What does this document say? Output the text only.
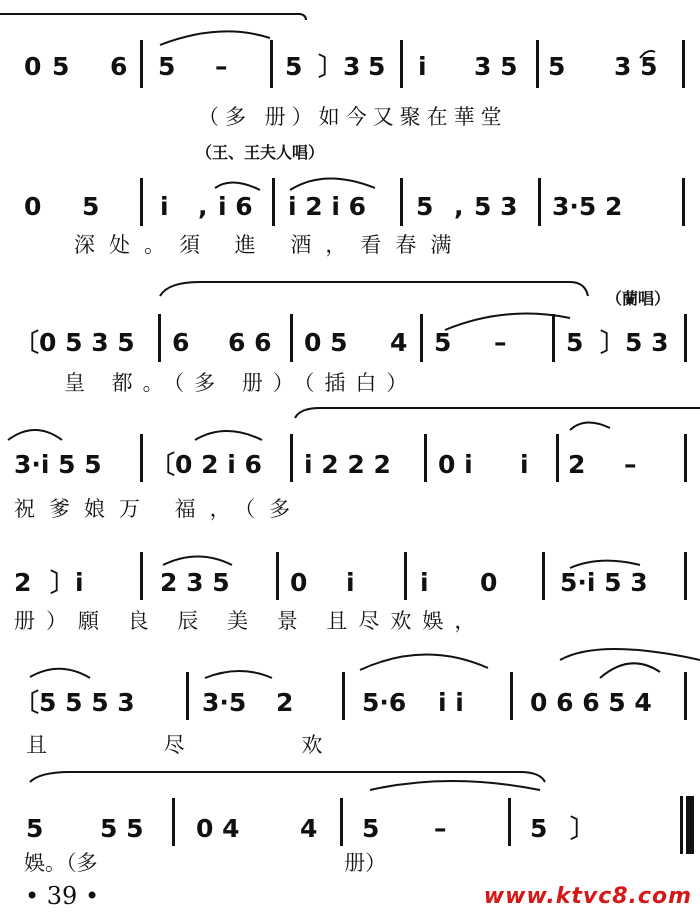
0 5 6 5 – 5 〕3 5 i 3 5 5 3 5
（多 册）如今又聚在華堂
（王、王夫人唱）
0 5 i , i 6 i 2 i 6 5 , 5 3 3·5 2
深处。須 進 酒，看春满
（蘭唱）
〔0 5 3 5 6 6 6 0 5 4 5 – 5 〕5 3
皇 都。（多 册）（插白）
3·i 5 5 〔0 2 i 6 i 2 2 2 0 i i 2 –
祝爹娘万 福，（多
2 〕i	2 3 5 0 i	i 0	5·i 5 3
册）願 良 辰 美 景 且尽欢娛，
〔5 5 5 3	3·5 2	5·6 i i	0 6 6 5 4
且 尽 欢
5 5 5 0 4 4 5 –	5 〕
娛。（多 册）
• 39 •	www.ktvc8.com
